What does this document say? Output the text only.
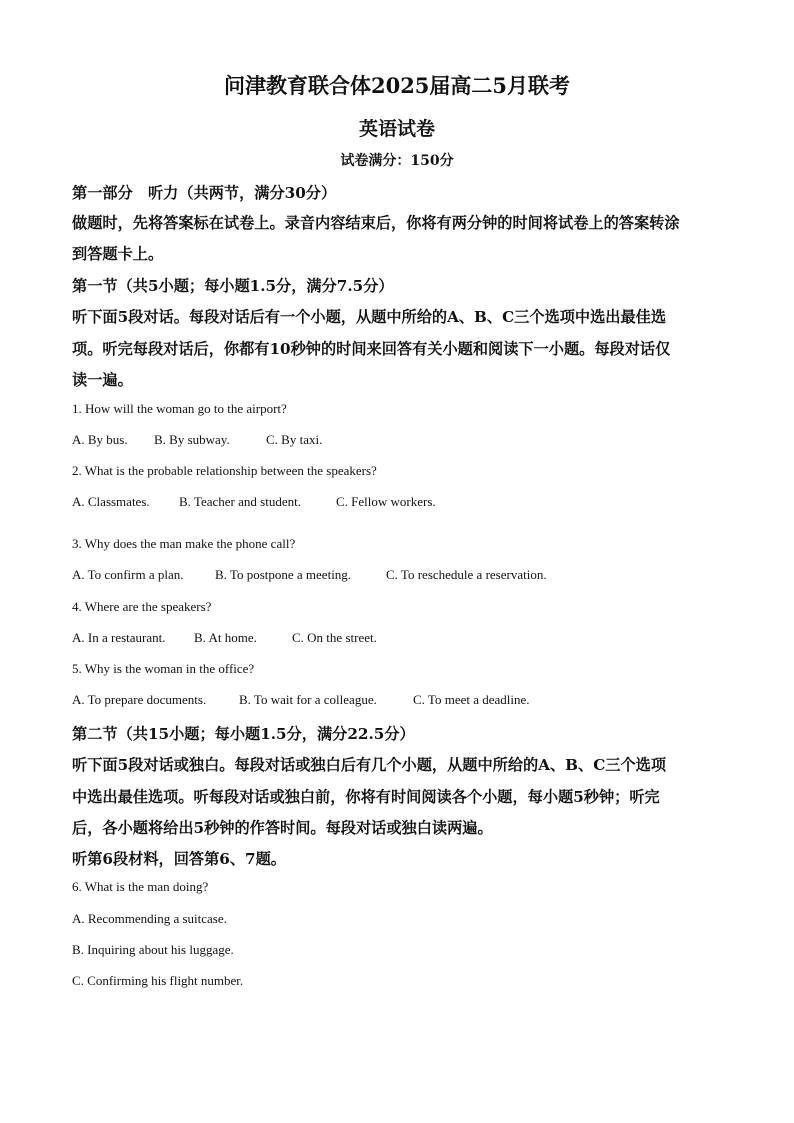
问津教育联合体2025届高二5月联考
英语试卷
试卷满分：150分
第一部分　听力（共两节，满分30分）
做题时，先将答案标在试卷上。录音内容结束后，你将有两分钟的时间将试卷上的答案转涂
到答题卡上。
第一节（共5小题；每小题1.5分，满分7.5分）
听下面5段对话。每段对话后有一个小题，从题中所给的A、B、C三个选项中选出最佳选
项。听完每段对话后，你都有10秒钟的时间来回答有关小题和阅读下一小题。每段对话仅
读一遍。
1. How will the woman go to the airport?
A. By bus. B. By subway.	C. By taxi.
2. What is the probable relationship between the speakers?
A. Classmates. B. Teacher and student.	C. Fellow workers.
3. Why does the man make the phone call?
A. To confirm a plan. B. To postpone a meeting.	C. To reschedule a reservation.
4. Where are the speakers?
A. In a restaurant. B. At home.	C. On the street.
5. Why is the woman in the office?
A. To prepare documents.	B. To wait for a colleague.	C. To meet a deadline.
第二节（共15小题；每小题1.5分，满分22.5分）
听下面5段对话或独白。每段对话或独白后有几个小题，从题中所给的A、B、C三个选项
中选出最佳选项。听每段对话或独白前，你将有时间阅读各个小题，每小题5秒钟；听完
后，各小题将给出5秒钟的作答时间。每段对话或独白读两遍。
听第6段材料，回答第6、7题。
6. What is the man doing?
A. Recommending a suitcase.
B. Inquiring about his luggage.
C. Confirming his flight number.
